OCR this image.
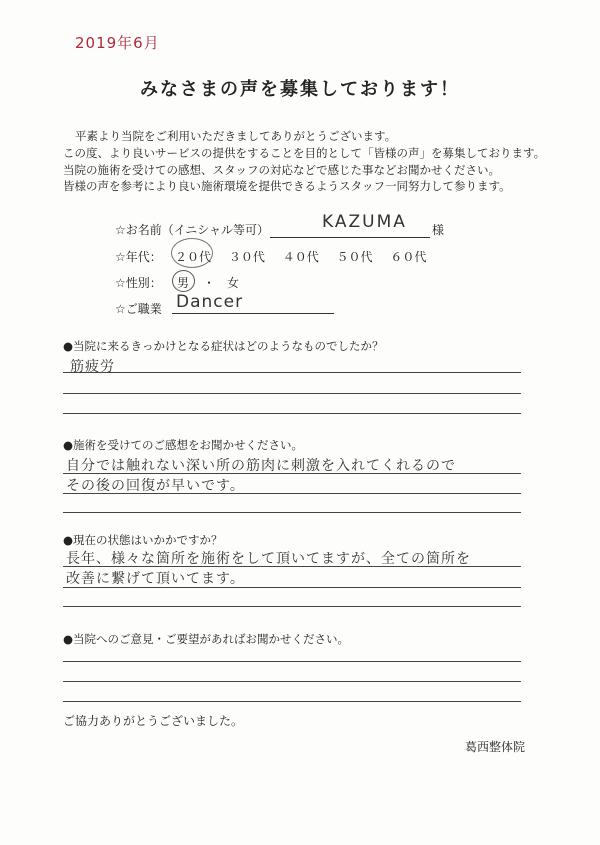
2019年6月
みなさまの声を募集しております！
平素より当院をご利用いただきましてありがとうございます。
この度、より良いサービスの提供をすることを目的として「皆様の声」を募集しております。
当院の施術を受けての感想、スタッフの対応などで感じた事などお聞かせください。
皆様の声を参考により良い施術環境を提供できるようスタッフ一同努力して参ります。
☆お名前（イニシャル等可）	KAZUMA 様
☆年代： ２０代 ３０代 ４０代 ５０代 ６０代
☆性別： 男 ・ 女
☆ご職業 Dancer
●当院に来るきっかけとなる症状はどのようなものでしたか？
筋疲労
●施術を受けてのご感想をお聞かせください。
自分では触れない深い所の筋肉に刺激を入れてくれるので
その後の回復が早いです。
●現在の状態はいかかですか？
長年、様々な箇所を施術をして頂いてますが、全ての箇所を
改善に繋げて頂いてます。
●当院へのご意見・ご要望があればお聞かせください。
ご協力ありがとうございました。
葛西整体院
